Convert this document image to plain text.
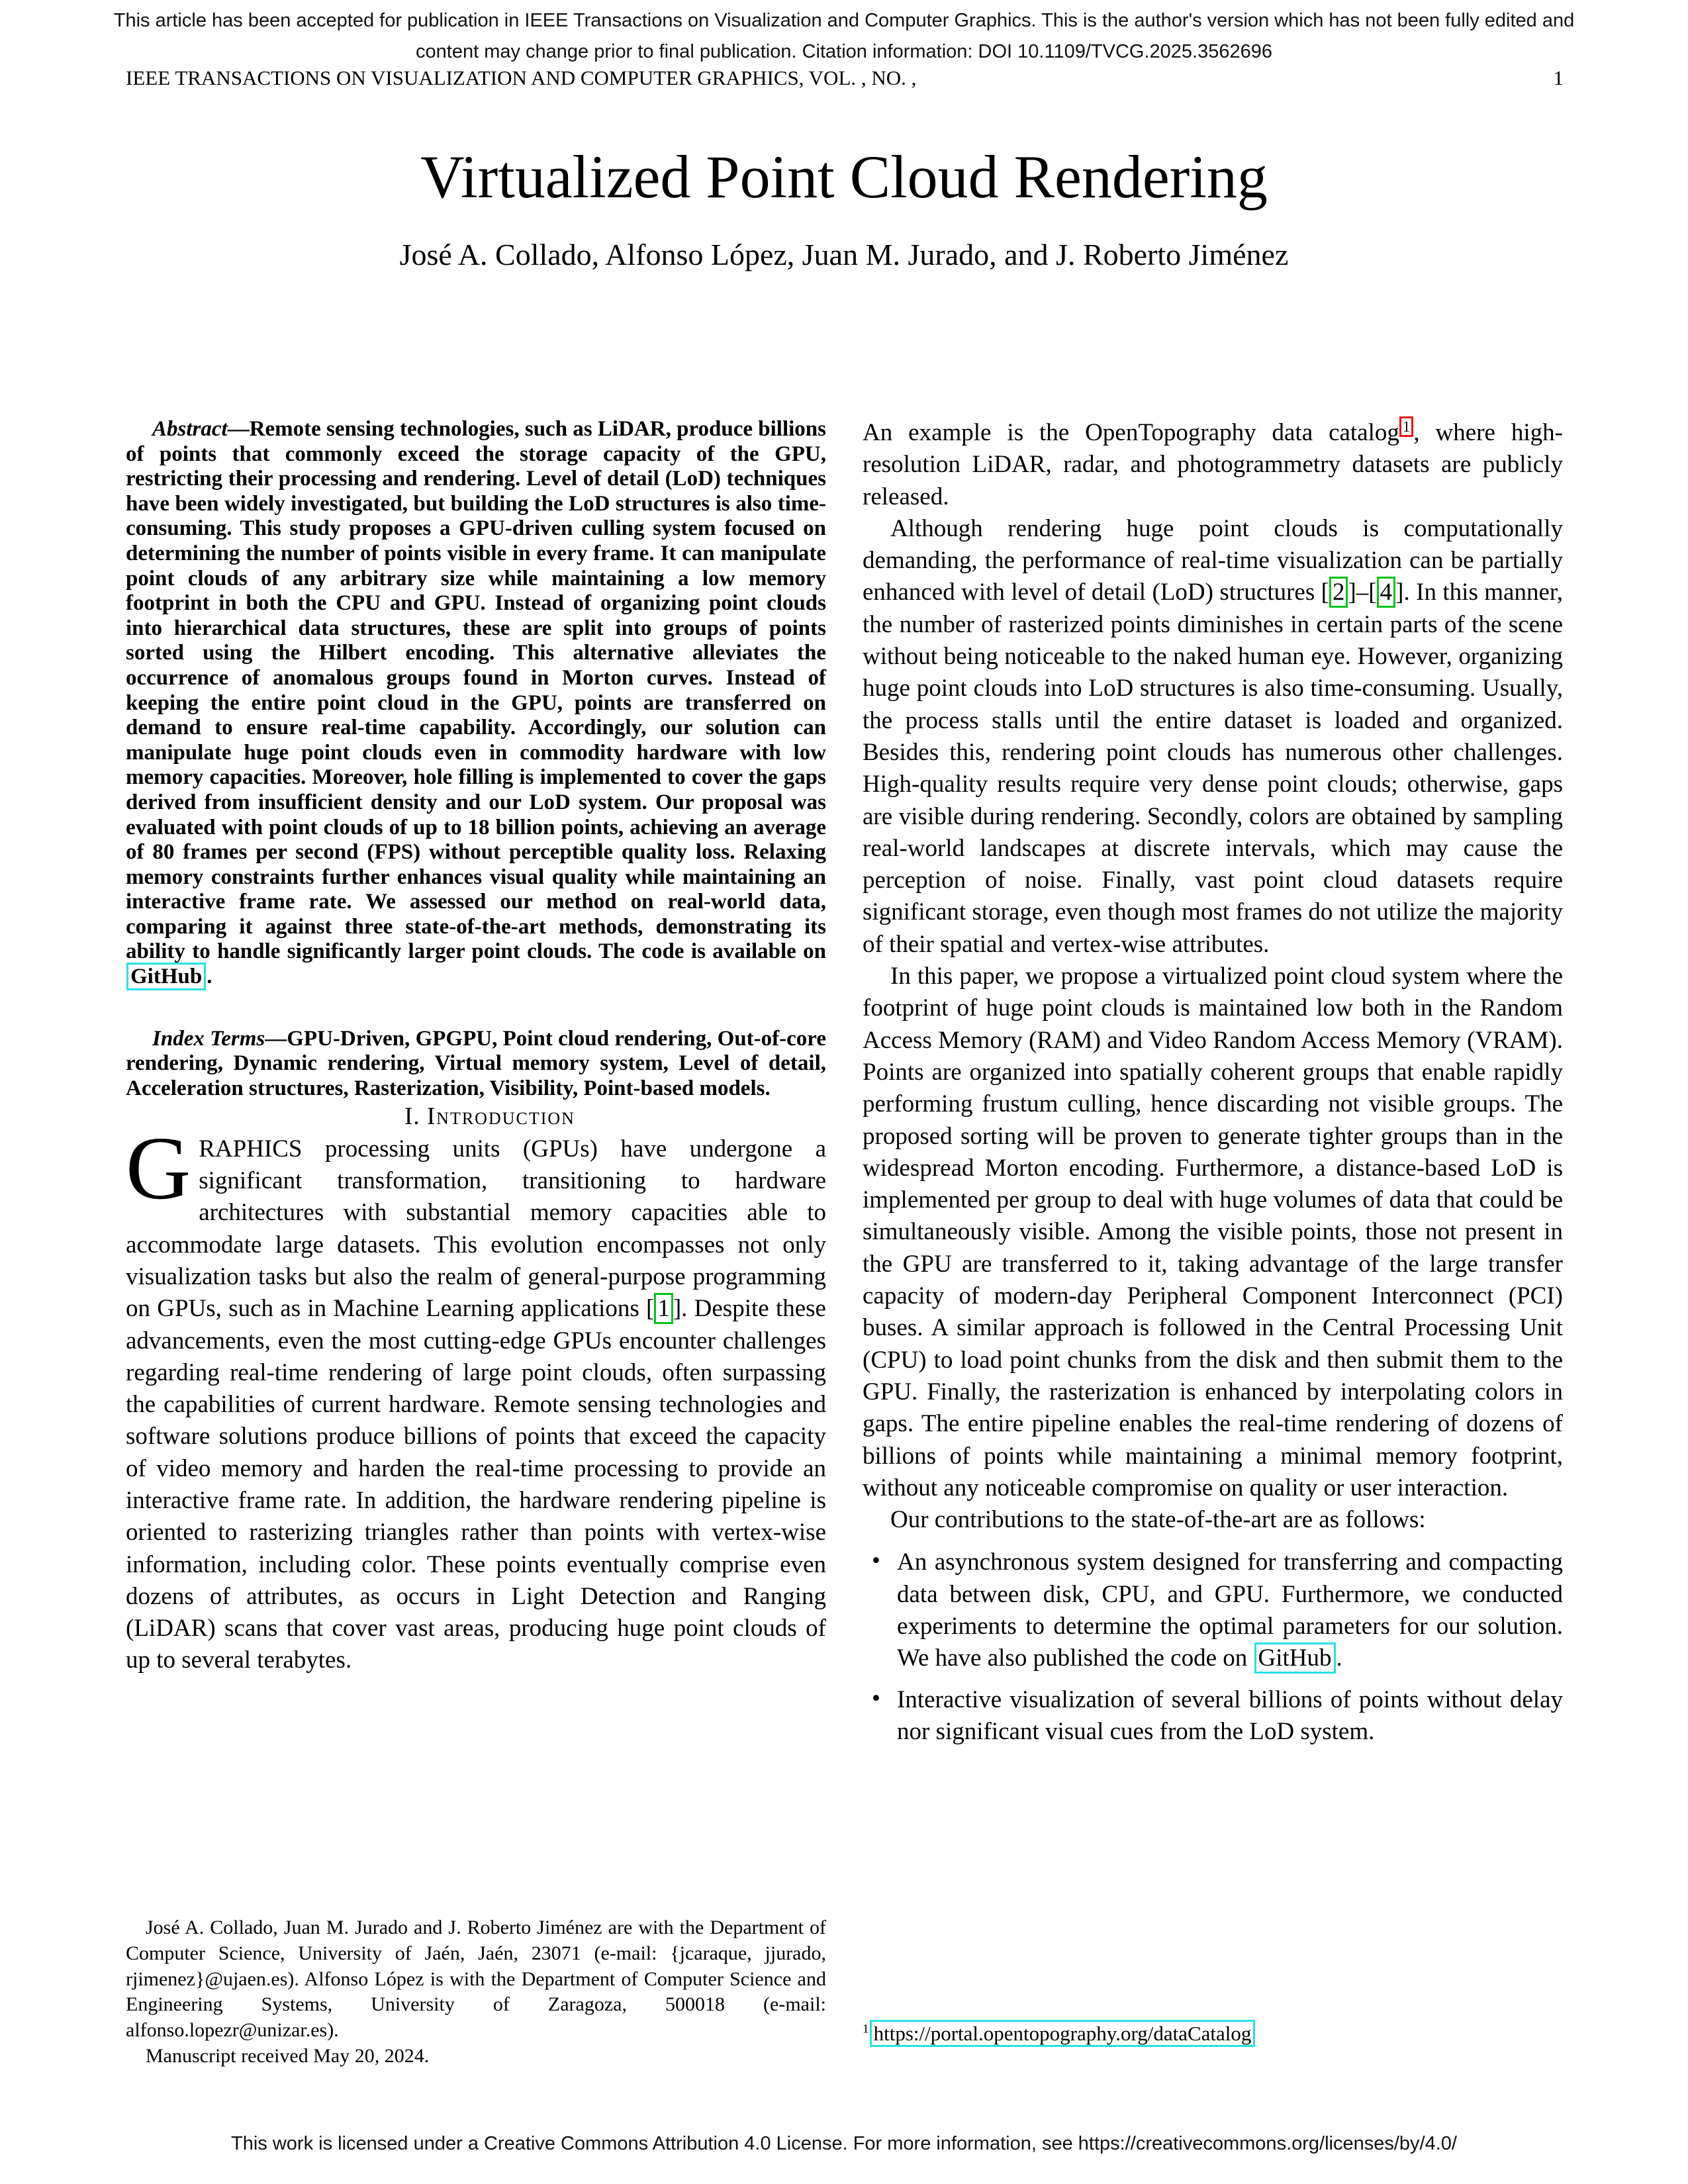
This article has been accepted for publication in IEEE Transactions on Visualization and Computer Graphics. This is the author's version which has not been fully edited and
content may change prior to final publication. Citation information: DOI 10.1109/TVCG.2025.3562696
IEEE TRANSACTIONS ON VISUALIZATION AND COMPUTER GRAPHICS, VOL. , NO. ,	1
Virtualized Point Cloud Rendering
José A. Collado, Alfonso López, Juan M. Jurado, and J. Roberto Jiménez

Abstract—Remote sensing technologies, such as LiDAR, produce billions of points that commonly exceed the storage capacity of the GPU, restricting their processing and rendering. Level of detail (LoD) techniques have been widely investigated, but building the LoD structures is also time-consuming. This study proposes a GPU-driven culling system focused on determining the number of points visible in every frame. It can manipulate point clouds of any arbitrary size while maintaining a low memory footprint in both the CPU and GPU. Instead of organizing point clouds into hierarchical data structures, these are split into groups of points sorted using the Hilbert encoding. This alternative alleviates the occurrence of anomalous groups found in Morton curves. Instead of keeping the entire point cloud in the GPU, points are transferred on demand to ensure real-time capability. Accordingly, our solution can manipulate huge point clouds even in commodity hardware with low memory capacities. Moreover, hole filling is implemented to cover the gaps derived from insufficient density and our LoD system. Our proposal was evaluated with point clouds of up to 18 billion points, achieving an average of 80 frames per second (FPS) without perceptible quality loss. Relaxing memory constraints further enhances visual quality while maintaining an interactive frame rate. We assessed our method on real-world data, comparing it against three state-of-the-art methods, demonstrating its ability to handle significantly larger point clouds. The code is available on GitHub .

Index Terms—GPU-Driven, GPGPU, Point cloud rendering, Out-of-core rendering, Dynamic rendering, Virtual memory system, Level of detail, Acceleration structures, Rasterization, Visibility, Point-based models.

I. Introduction

GRAPHICS processing units (GPUs) have undergone a significant transformation, transitioning to hardware architectures with substantial memory capacities able to accommodate large datasets. This evolution encompasses not only visualization tasks but also the realm of general-purpose programming on GPUs, such as in Machine Learning applications [ 1 ]. Despite these advancements, even the most cutting-edge GPUs encounter challenges regarding real-time rendering of large point clouds, often surpassing the capabilities of current hardware. Remote sensing technologies and software solutions produce billions of points that exceed the capacity of video memory and harden the real-time processing to provide an interactive frame rate. In addition, the hardware rendering pipeline is oriented to rasterizing triangles rather than points with vertex-wise information, including color. These points eventually comprise even dozens of attributes, as occurs in Light Detection and Ranging (LiDAR) scans that cover vast areas, producing huge point clouds of up to several terabytes.

José A. Collado, Juan M. Jurado and J. Roberto Jiménez are with the Department of Computer Science, University of Jaén, Jaén, 23071 (e-mail: {jcaraque, jjurado, rjimenez}@ujaen.es). Alfonso López is with the Department of Computer Science and Engineering Systems, University of Zaragoza, 500018 (e-mail: alfonso.lopezr@unizar.es).

Manuscript received May 20, 2024.

An example is the OpenTopography data catalog $^1$ , where high-resolution LiDAR, radar, and photogrammetry datasets are publicly released.

Although rendering huge point clouds is computationally demanding, the performance of real-time visualization can be partially enhanced with level of detail (LoD) structures [ 2 ]–[ 4 ]. In this manner, the number of rasterized points diminishes in certain parts of the scene without being noticeable to the naked human eye. However, organizing huge point clouds into LoD structures is also time-consuming. Usually, the process stalls until the entire dataset is loaded and organized. Besides this, rendering point clouds has numerous other challenges. High-quality results require very dense point clouds; otherwise, gaps are visible during rendering. Secondly, colors are obtained by sampling real-world landscapes at discrete intervals, which may cause the perception of noise. Finally, vast point cloud datasets require significant storage, even though most frames do not utilize the majority of their spatial and vertex-wise attributes.

In this paper, we propose a virtualized point cloud system where the footprint of huge point clouds is maintained low both in the Random Access Memory (RAM) and Video Random Access Memory (VRAM). Points are organized into spatially coherent groups that enable rapidly performing frustum culling, hence discarding not visible groups. The proposed sorting will be proven to generate tighter groups than in the widespread Morton encoding. Furthermore, a distance-based LoD is implemented per group to deal with huge volumes of data that could be simultaneously visible. Among the visible points, those not present in the GPU are transferred to it, taking advantage of the large transfer capacity of modern-day Peripheral Component Interconnect (PCI) buses. A similar approach is followed in the Central Processing Unit (CPU) to load point chunks from the disk and then submit them to the GPU. Finally, the rasterization is enhanced by interpolating colors in gaps. The entire pipeline enables the real-time rendering of dozens of billions of points while maintaining a minimal memory footprint, without any noticeable compromise on quality or user interaction.

Our contributions to the state-of-the-art are as follows:

• An asynchronous system designed for transferring and compacting data between disk, CPU, and GPU. Furthermore, we conducted experiments to determine the optimal parameters for our solution. We have also published the code on GitHub .
• Interactive visualization of several billions of points without delay nor significant visual cues from the LoD system.
$^1$ https://portal.opentopography.org/dataCatalog
This work is licensed under a Creative Commons Attribution 4.0 License. For more information, see https://creativecommons.org/licenses/by/4.0/
